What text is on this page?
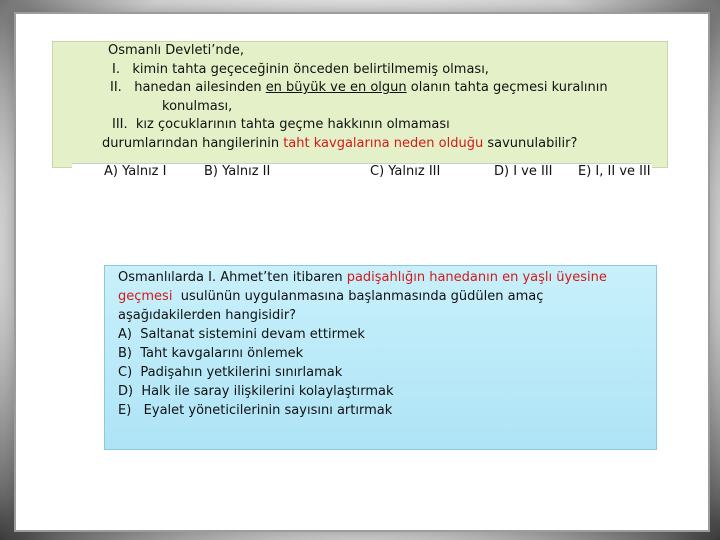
Osmanlı Devleti’nde,
I. kimin tahta geçeceğinin önceden belirtilmemiş olması,
II. hanedan ailesinden en büyük ve en olgun olanın tahta geçmesi kuralının
konulması,
III. kız çocuklarının tahta geçme hakkının olmaması
durumlarından hangilerinin taht kavgalarına neden olduğu savunulabilir?
A) Yalnız I	B) Yalnız II	C) Yalnız III	D) I ve III E) I, II ve III
Osmanlılarda I. Ahmet’ten itibaren padişahlığın hanedanın en yaşlı üyesine
geçmesi  usulünün uygulanmasına başlanmasında güdülen amaç
aşağıdakilerden hangisidir?
A)  Saltanat sistemini devam ettirmek
B)  Taht kavgalarını önlemek
C)  Padişahın yetkilerini sınırlamak
D)  Halk ile saray ilişkilerini kolaylaştırmak
E)   Eyalet yöneticilerinin sayısını artırmak
